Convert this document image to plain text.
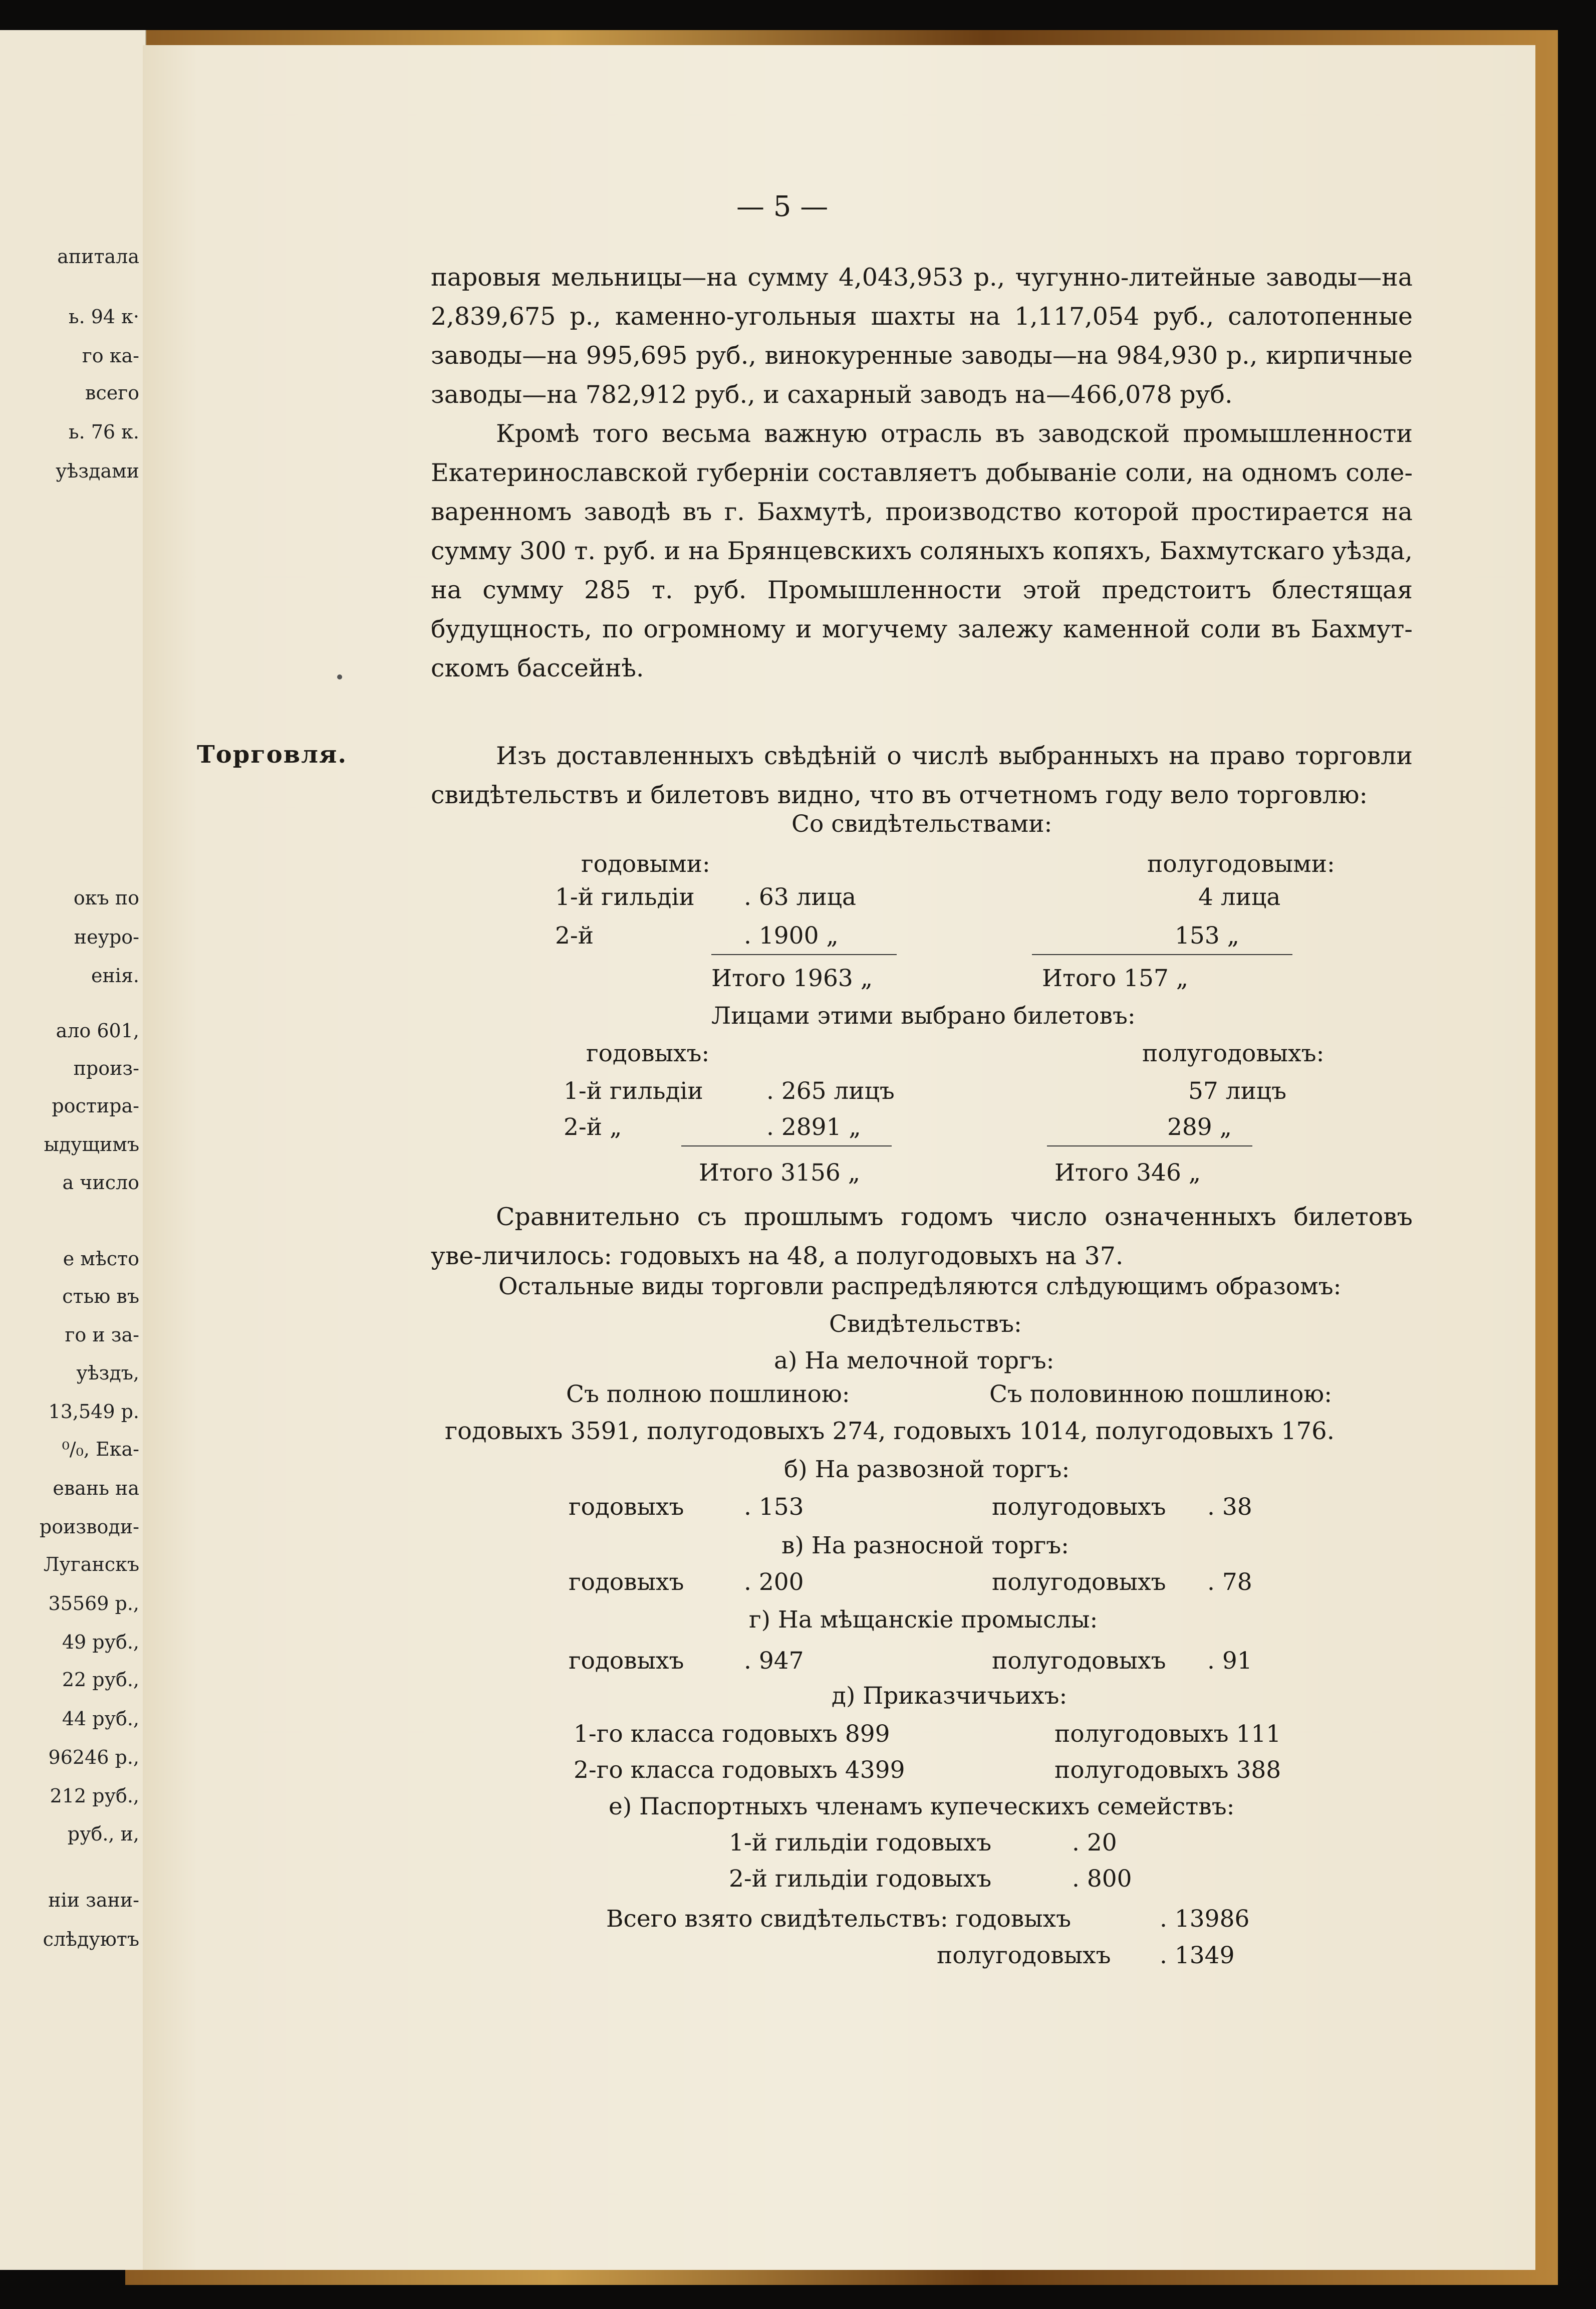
апитала
ь. 94 к·
го ка-
всего
ь. 76 к.
уѣздами
окъ по
неуро-
енія.
ало 601,
произ-
ростира-
ыдущимъ
а число
е мѣсто
стью въ
го и за-
уѣздъ,
13,549 р.
⁰/₀, Ека-
евань на
роизводи-
Луганскъ
35569 р.,
49 руб.,
22 руб.,
44 руб.,
96246 р.,
212 руб.,
руб., и,
нiи зани-
слѣдуютъ
— 5 —
паровыя мельницы—на сумму 4,043,953 р., чугунно-литейные заводы—на 2,839,675 р., каменно-угольныя шахты на 1,117,054 руб., салотопенные заводы—на 995,695 руб., винокуренные заводы—на 984,930 р., кирпичные заводы—на 782,912 руб., и сахарный заводъ на—466,078 руб.
Кромѣ того весьма важную отрасль въ заводской промышленности Екатеринославской губерніи составляетъ добываніе соли, на одномъ соле-варенномъ заводѣ въ г. Бахмутѣ, производство которой простирается на сумму 300 т. руб. и на Брянцевскихъ соляныхъ копяхъ, Бахмутскаго уѣзда, на сумму 285 т. руб. Промышленности этой предстоитъ блестящая будущность, по огромному и могучему залежу каменной соли въ Бахмут-скомъ бассейнѣ.
Торговля.	Изъ доставленныхъ свѣдѣній о числѣ выбранныхъ на право торговли свидѣтельствъ и билетовъ видно, что въ отчетномъ году вело торговлю:
Со свидѣтельствами:
годовыми:	полугодовыми:
1-й гильдіи . 63 лица	4 лица
2-й	. 1900 „	153 „
Итого 1963 „	Итого 157 „
Лицами этими выбрано билетовъ:
годовыхъ:	полугодовыхъ:
1-й гильдіи	. 265 лицъ	57 лицъ
2-й „	. 2891 „	289 „
Итого 3156 „	Итого 346 „
Сравнительно съ прошлымъ годомъ число означенныхъ билетовъ уве-личилось: годовыхъ на 48, а полугодовыхъ на 37.
Остальные виды торговли распредѣляются слѣдующимъ образомъ:
Свидѣтельствъ:
а) На мелочной торгъ:
Съ полною пошлиною:	Съ половинною пошлиною:
годовыхъ 3591, полугодовыхъ 274, годовыхъ 1014, полугодовыхъ 176.
б) На развозной торгъ:
годовыхъ	. 153	полугодовыхъ . 38
в) На разносной торгъ:
годовыхъ	. 200	полугодовыхъ . 78
г) На мѣщанскіе промыслы:
годовыхъ	. 947	полугодовыхъ . 91
д) Приказчичьихъ:
1-го класса годовыхъ 899	полугодовыхъ 111
2-го класса годовыхъ 4399	полугодовыхъ 388
е) Паспортныхъ членамъ купеческихъ семействъ:
1-й гильдіи годовыхъ	. 20
2-й гильдіи годовыхъ	. 800
Всего взято свидѣтельствъ: годовыхъ	. 13986
полугодовыхъ . 1349
